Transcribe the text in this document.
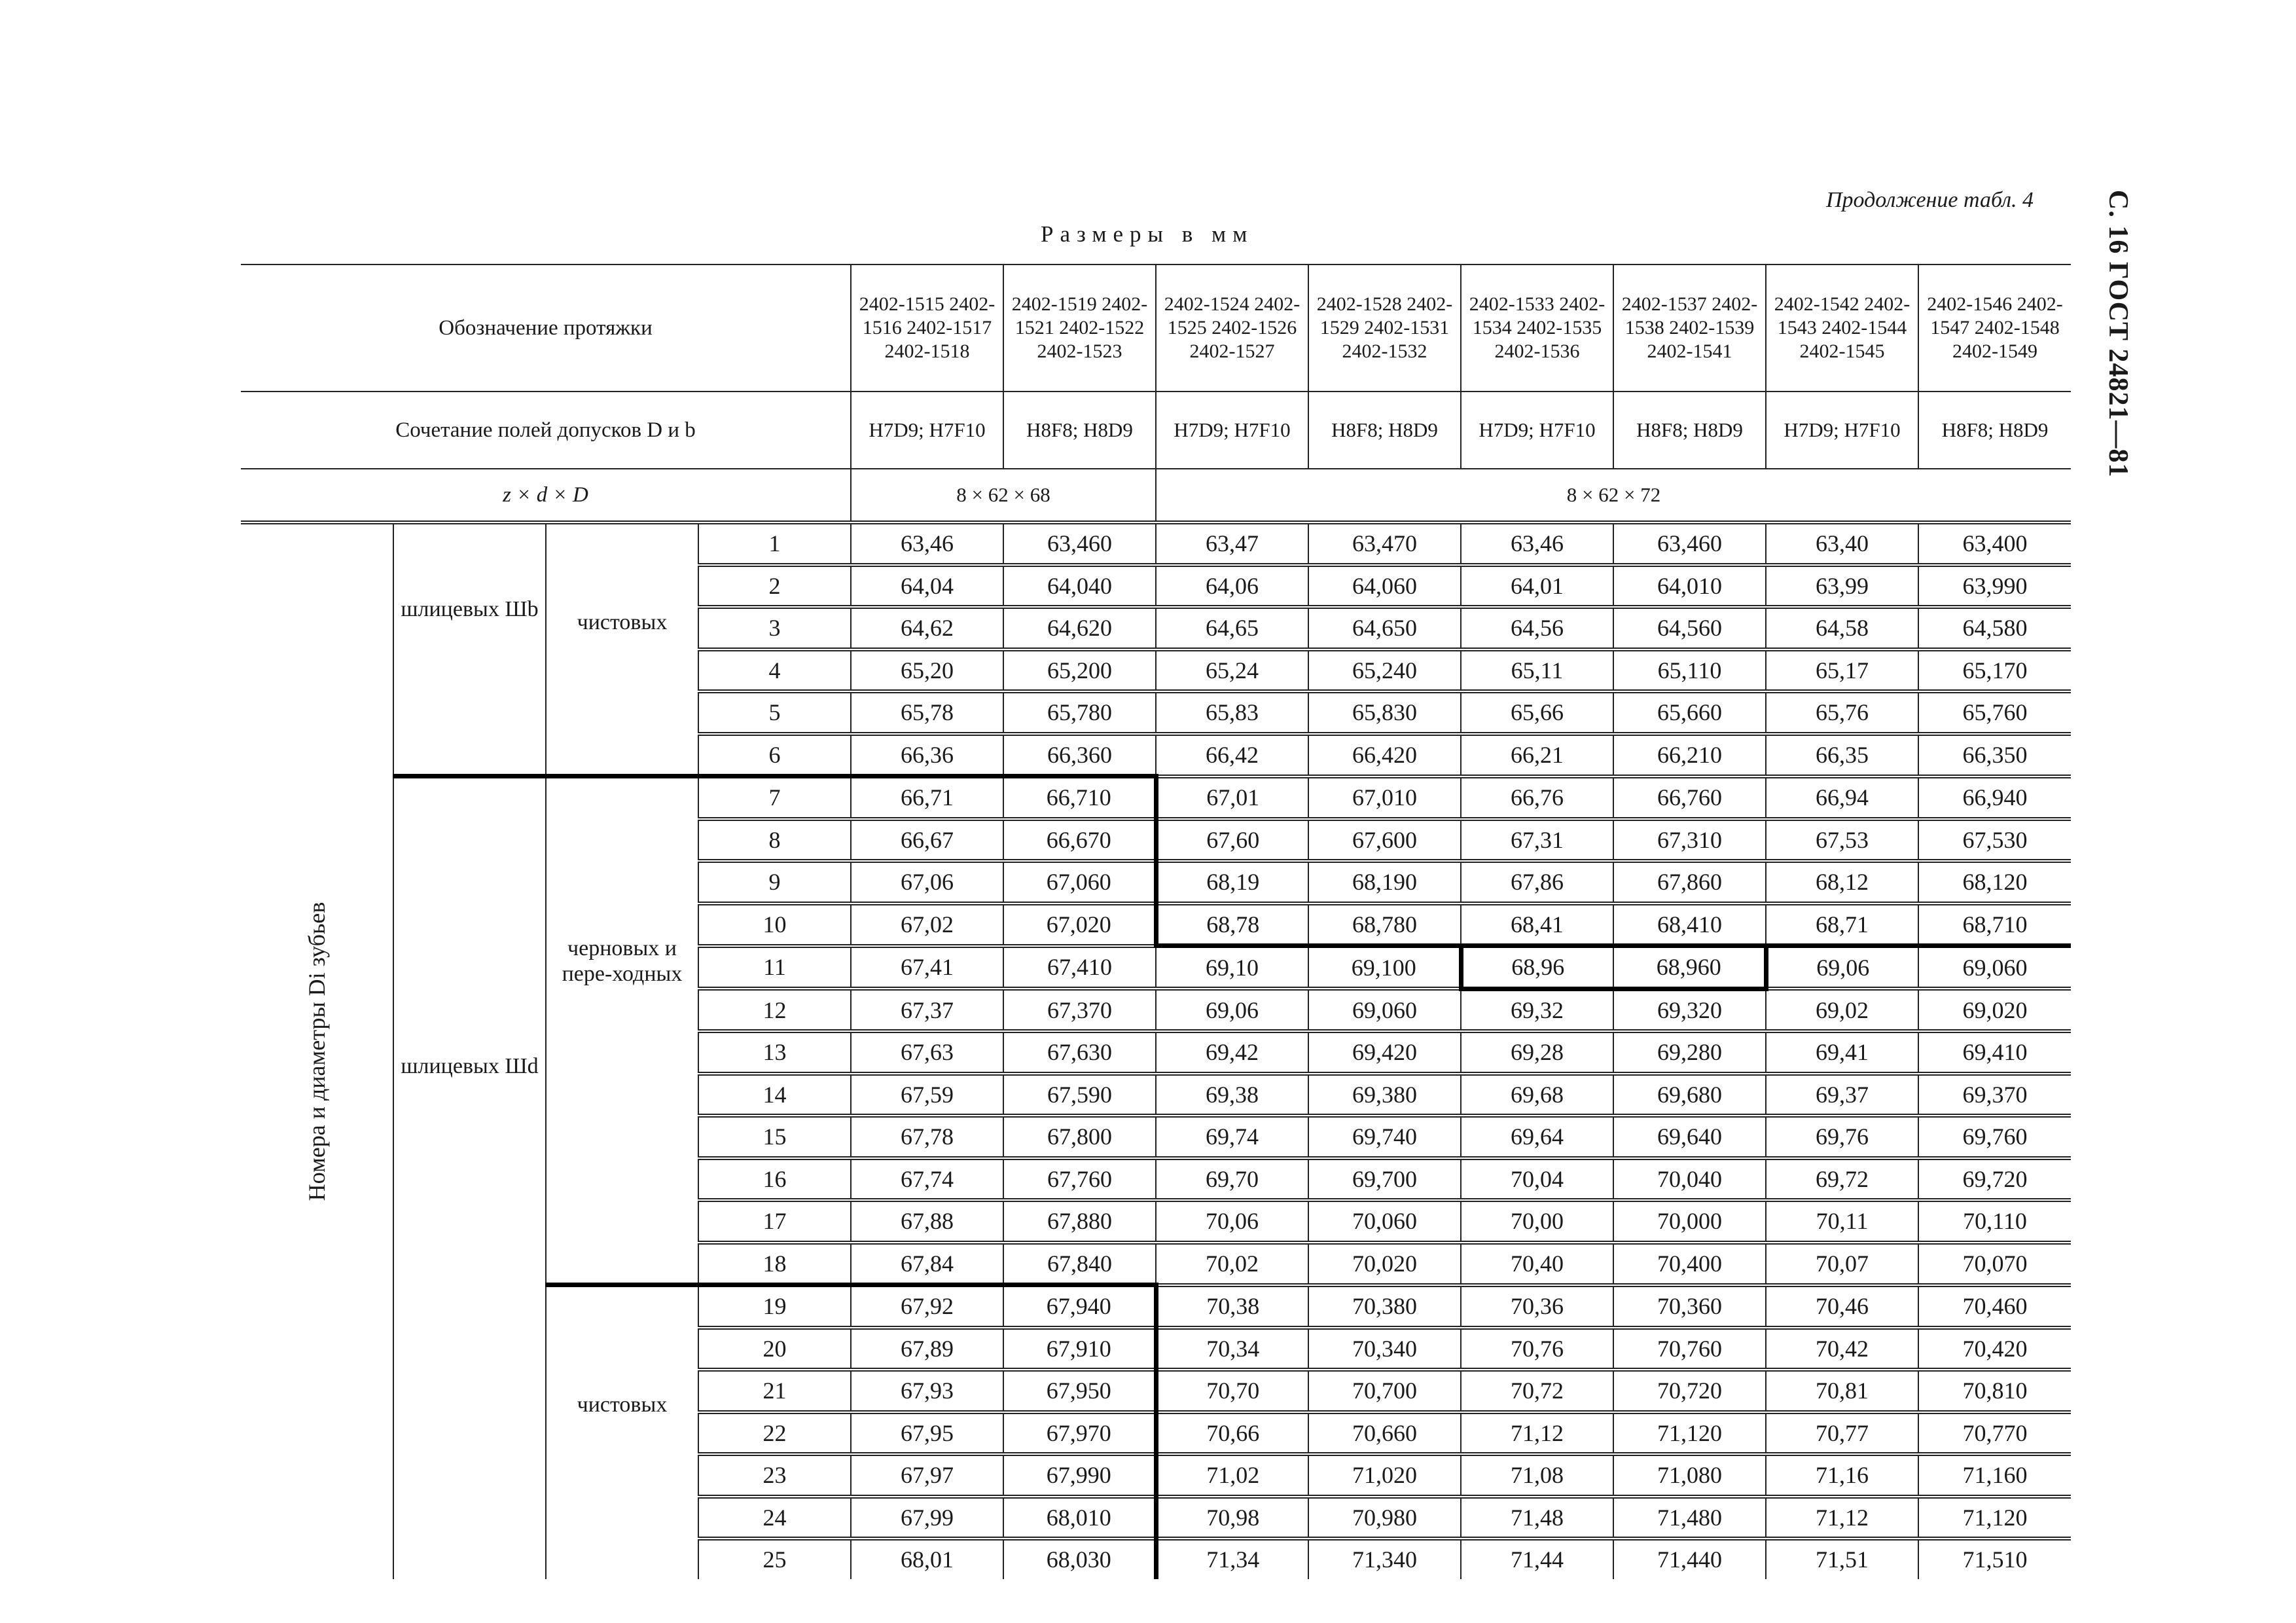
Продолжение табл. 4
Размеры в мм	С. 16 ГОСТ 24821—81
Обозначение протяжки				2402-1515 2402-1516 2402-1517 2402-1518	2402-1519 2402-1521 2402-1522 2402-1523	2402-1524 2402-1525 2402-1526 2402-1527	2402-1528 2402-1529 2402-1531 2402-1532	2402-1533 2402-1534 2402-1535 2402-1536	2402-1537 2402-1538 2402-1539 2402-1541	2402-1542 2402-1543 2402-1544 2402-1545	2402-1546 2402-1547 2402-1548 2402-1549
Сочетание полей допусков D и b				H7D9; H7F10	H8F8; H8D9	H7D9; H7F10	H8F8; H8D9	H7D9; H7F10	H8F8; H8D9	H7D9; H7F10	H8F8; H8D9
z × d × D				8 × 62 × 68		8 × 62 × 72					

Номера и диаметры Di зубьев	шлицевых Шb	чистовых	1	63,46	63,460	63,47	63,470	63,46	63,460	63,40	63,400
			2	64,04	64,040	64,06	64,060	64,01	64,010	63,99	63,990
			3	64,62	64,620	64,65	64,650	64,56	64,560	64,58	64,580
			4	65,20	65,200	65,24	65,240	65,11	65,110	65,17	65,170
			5	65,78	65,780	65,83	65,830	65,66	65,660	65,76	65,760
			6	66,36	66,360	66,42	66,420	66,21	66,210	66,35	66,350
	шлицевых Шd	черновых и пере-ходных	7	66,71	66,710	67,01	67,010	66,76	66,760	66,94	66,940
			8	66,67	66,670	67,60	67,600	67,31	67,310	67,53	67,530
			9	67,06	67,060	68,19	68,190	67,86	67,860	68,12	68,120
			10	67,02	67,020	68,78	68,780	68,41	68,410	68,71	68,710
			11	67,41	67,410	69,10	69,100	68,96	68,960	69,06	69,060
			12	67,37	67,370	69,06	69,060	69,32	69,320	69,02	69,020
			13	67,63	67,630	69,42	69,420	69,28	69,280	69,41	69,410
			14	67,59	67,590	69,38	69,380	69,68	69,680	69,37	69,370
			15	67,78	67,800	69,74	69,740	69,64	69,640	69,76	69,760
			16	67,74	67,760	69,70	69,700	70,04	70,040	69,72	69,720
			17	67,88	67,880	70,06	70,060	70,00	70,000	70,11	70,110
			18	67,84	67,840	70,02	70,020	70,40	70,400	70,07	70,070
		чистовых	19	67,92	67,940	70,38	70,380	70,36	70,360	70,46	70,460
			20	67,89	67,910	70,34	70,340	70,76	70,760	70,42	70,420
			21	67,93	67,950	70,70	70,700	70,72	70,720	70,81	70,810
			22	67,95	67,970	70,66	70,660	71,12	71,120	70,77	70,770
			23	67,97	67,990	71,02	71,020	71,08	71,080	71,16	71,160
			24	67,99	68,010	70,98	70,980	71,48	71,480	71,12	71,120
			25	68,01	68,030	71,34	71,340	71,44	71,440	71,51	71,510
